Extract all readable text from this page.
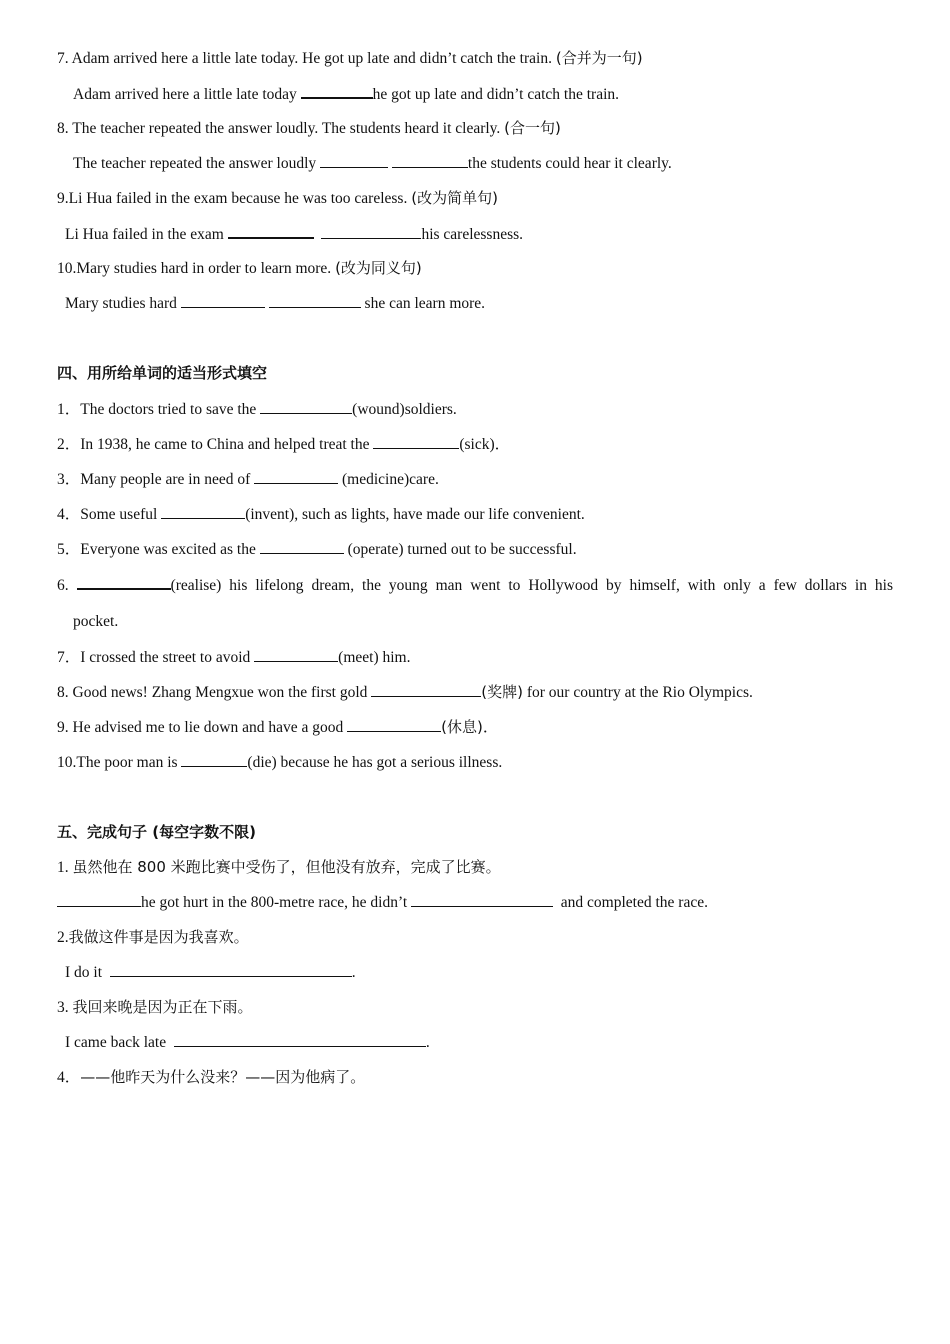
7. Adam arrived here a little late today. He got up late and didn’t catch the train. (合并为一句)
Adam arrived here a little late today	he got up late and didn’t catch the train.
8. The teacher repeated the answer loudly. The students heard it clearly. (合一句)
The teacher repeated the answer loudly	the students could hear it clearly.
9.Li Hua failed in the exam because he was too careless. (改为简单句)
Li Hua failed in the exam	his carelessness.
10.Mary studies hard in order to learn more. (改为同义句)
Mary studies hard	she can learn more.
四、用所给单词的适当形式填空
1．The doctors tried to save the	(wound)soldiers.
2．In 1938, he came to China and helped treat the	(sick)．
3．Many people are in need of	(medicine)care.
4．Some useful	(invent), such as lights, have made our life convenient.
5．Everyone was excited as the	(operate) turned out to be successful.
6.	(realise) his lifelong dream, the young man went to Hollywood by himself, with only a few dollars in his
pocket.
7．I crossed the street to avoid	(meet) him.
8. Good news! Zhang Mengxue won the first gold	(奖牌) for our country at the Rio Olympics.
9. He advised me to lie down and have a good	(休息)．
10.The poor man is	(die) because he has got a serious illness.
五、完成句子 (每空字数不限)
1. 虽然他在 800 米跑比赛中受伤了，但他没有放弃，完成了比赛。
he got hurt in the 800-metre race, he didn’t	and completed the race.
2.我做这件事是因为我喜欢。
I do it	.
3. 我回来晚是因为正在下雨。
I came back late	.
4．——他昨天为什么没来？——因为他病了。
